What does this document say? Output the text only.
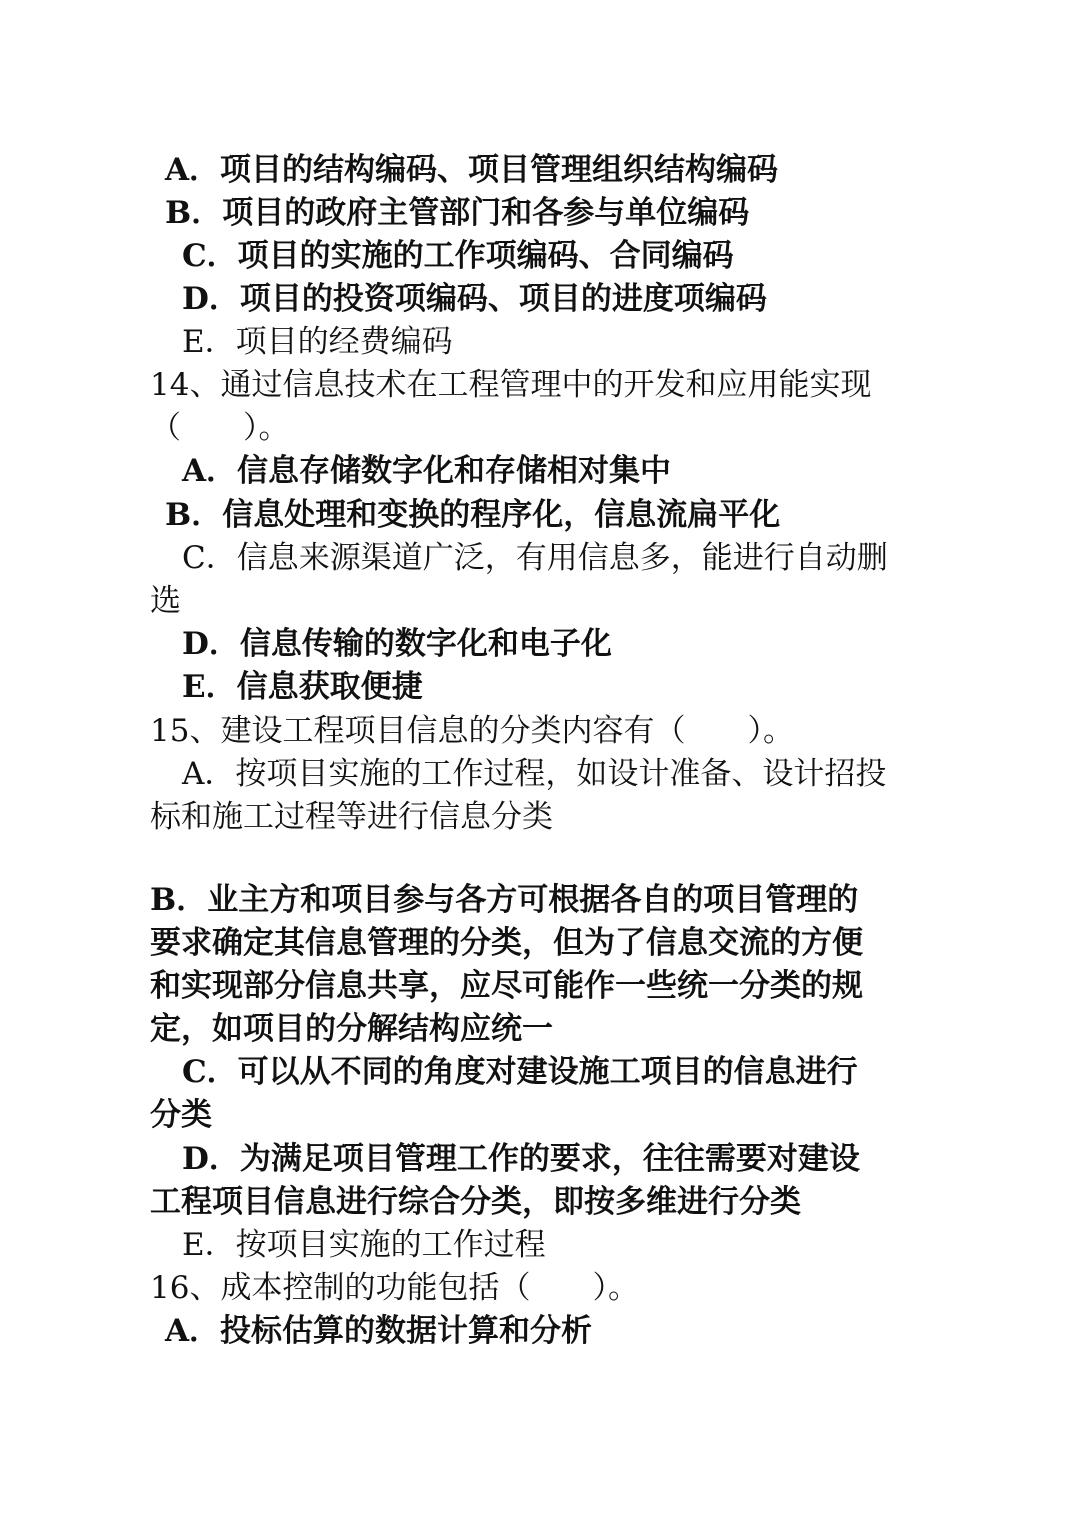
A．项目的结构编码、项目管理组织结构编码
B．项目的政府主管部门和各参与单位编码
C．项目的实施的工作项编码、合同编码
D．项目的投资项编码、项目的进度项编码
E．项目的经费编码
14、通过信息技术在工程管理中的开发和应用能实现
（　　）。
A．信息存储数字化和存储相对集中
B．信息处理和变换的程序化，信息流扁平化
C．信息来源渠道广泛，有用信息多，能进行自动删
选
D．信息传输的数字化和电子化
E．信息获取便捷
15、建设工程项目信息的分类内容有（　　）。
A．按项目实施的工作过程，如设计准备、设计招投
标和施工过程等进行信息分类
B．业主方和项目参与各方可根据各自的项目管理的
要求确定其信息管理的分类，但为了信息交流的方便
和实现部分信息共享，应尽可能作一些统一分类的规
定，如项目的分解结构应统一
C．可以从不同的角度对建设施工项目的信息进行
分类
D．为满足项目管理工作的要求，往往需要对建设
工程项目信息进行综合分类，即按多维进行分类
E．按项目实施的工作过程
16、成本控制的功能包括（　　）。
A．投标估算的数据计算和分析
